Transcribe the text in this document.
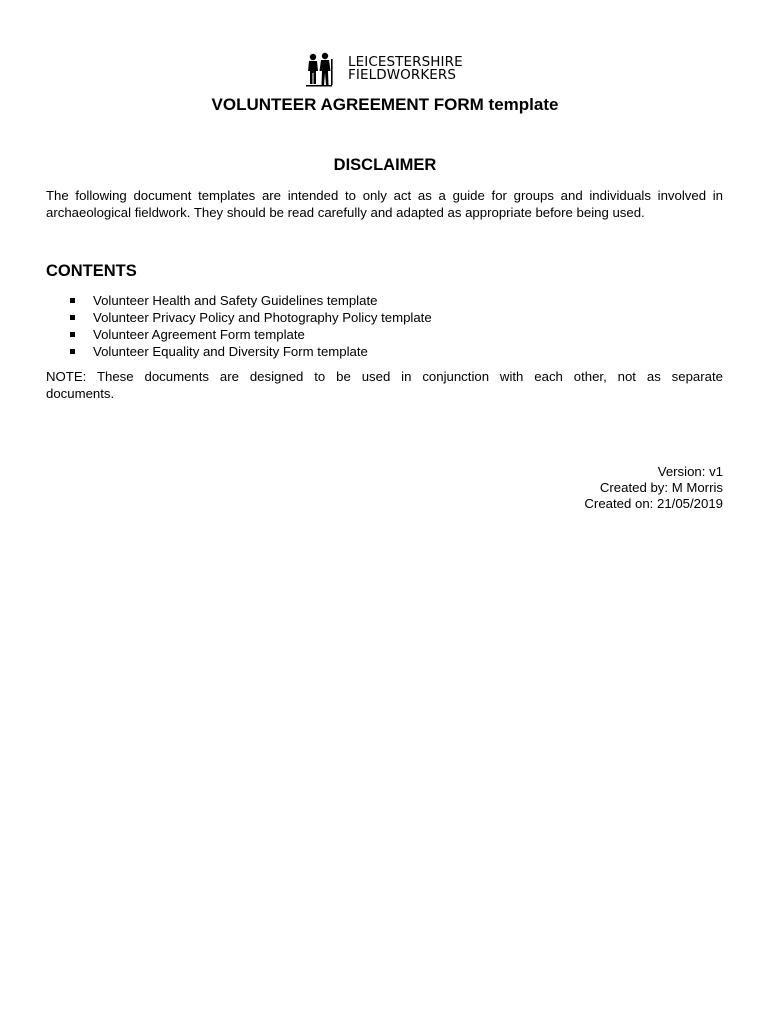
LEICESTERSHIRE
FIELDWORKERS
VOLUNTEER AGREEMENT FORM template
DISCLAIMER

The following document templates are intended to only act as a guide for groups and individuals involved in archaeological fieldwork. They should be read carefully and adapted as appropriate before being used.

CONTENTS
Volunteer Health and Safety Guidelines template
Volunteer Privacy Policy and Photography Policy template
Volunteer Agreement Form template
Volunteer Equality and Diversity Form template

NOTE: These documents are designed to be used in conjunction with each other, not as separate
documents.

Version: v1
Created by: M Morris
Created on: 21/05/2019
